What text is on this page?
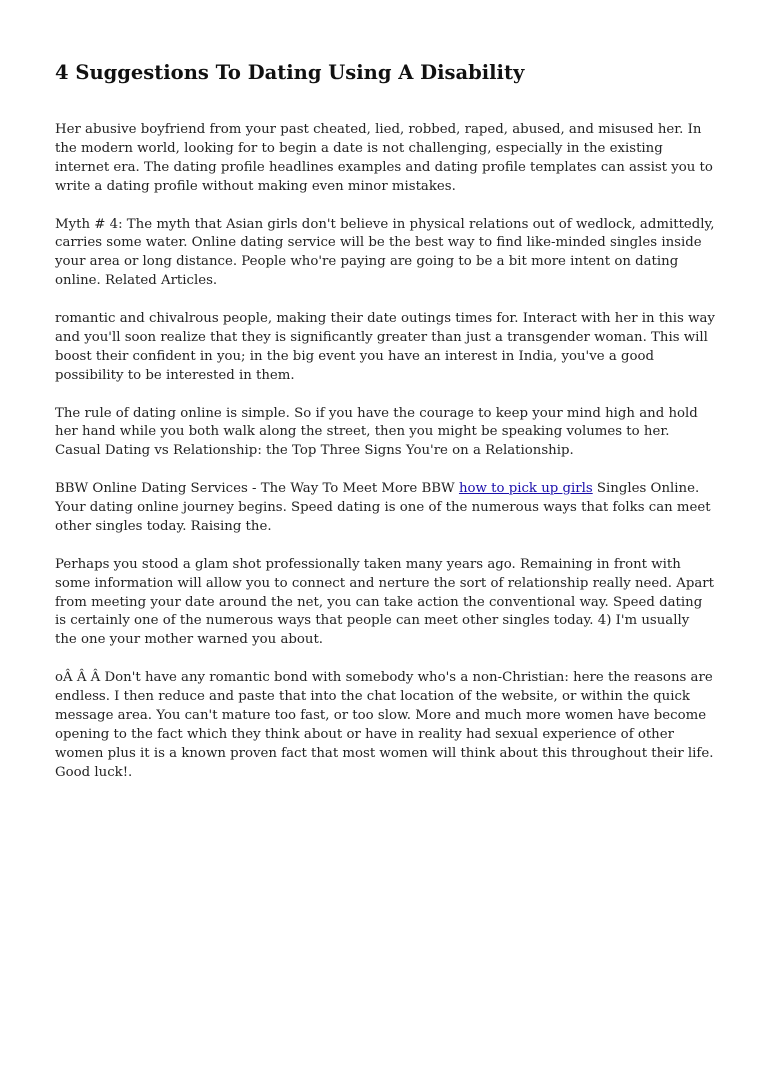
4 Suggestions To Dating Using A Disability

Her abusive boyfriend from your past cheated, lied, robbed, raped, abused, and misused her. In the modern world, looking for to begin a date is not challenging, especially in the existing internet era. The dating profile headlines examples and dating profile templates can assist you to write a dating profile without making even minor mistakes.

Myth # 4: The myth that Asian girls don't believe in physical relations out of wedlock, admittedly, carries some water. Online dating service will be the best way to find like-minded singles inside your area or long distance. People who're paying are going to be a bit more intent on dating online. Related Articles.

romantic and chivalrous people, making their date outings times for. Interact with her in this way and you'll soon realize that they is significantly greater than just a transgender woman. This will boost their confident in you; in the big event you have an interest in India, you've a good possibility to be interested in them.

The rule of dating online is simple. So if you have the courage to keep your mind high and hold her hand while you both walk along the street, then you might be speaking volumes to her. Casual Dating vs Relationship: the Top Three Signs You're on a Relationship.

BBW Online Dating Services - The Way To Meet More BBW how to pick up girls Singles Online. Your dating online journey begins. Speed dating is one of the numerous ways that folks can meet other singles today. Raising the.

Perhaps you stood a glam shot professionally taken many years ago. Remaining in front with some information will allow you to connect and nerture the sort of relationship really need. Apart from meeting your date around the net, you can take action the conventional way. Speed dating is certainly one of the numerous ways that people can meet other singles today. 4) I'm usually the one your mother warned you about.

oÂ Â Â Don't have any romantic bond with somebody who's a non-Christian: here the reasons are endless. I then reduce and paste that into the chat location of the website, or within the quick message area. You can't mature too fast, or too slow. More and much more women have become opening to the fact which they think about or have in reality had sexual experience of other women plus it is a known proven fact that most women will think about this throughout their life. Good luck!.
